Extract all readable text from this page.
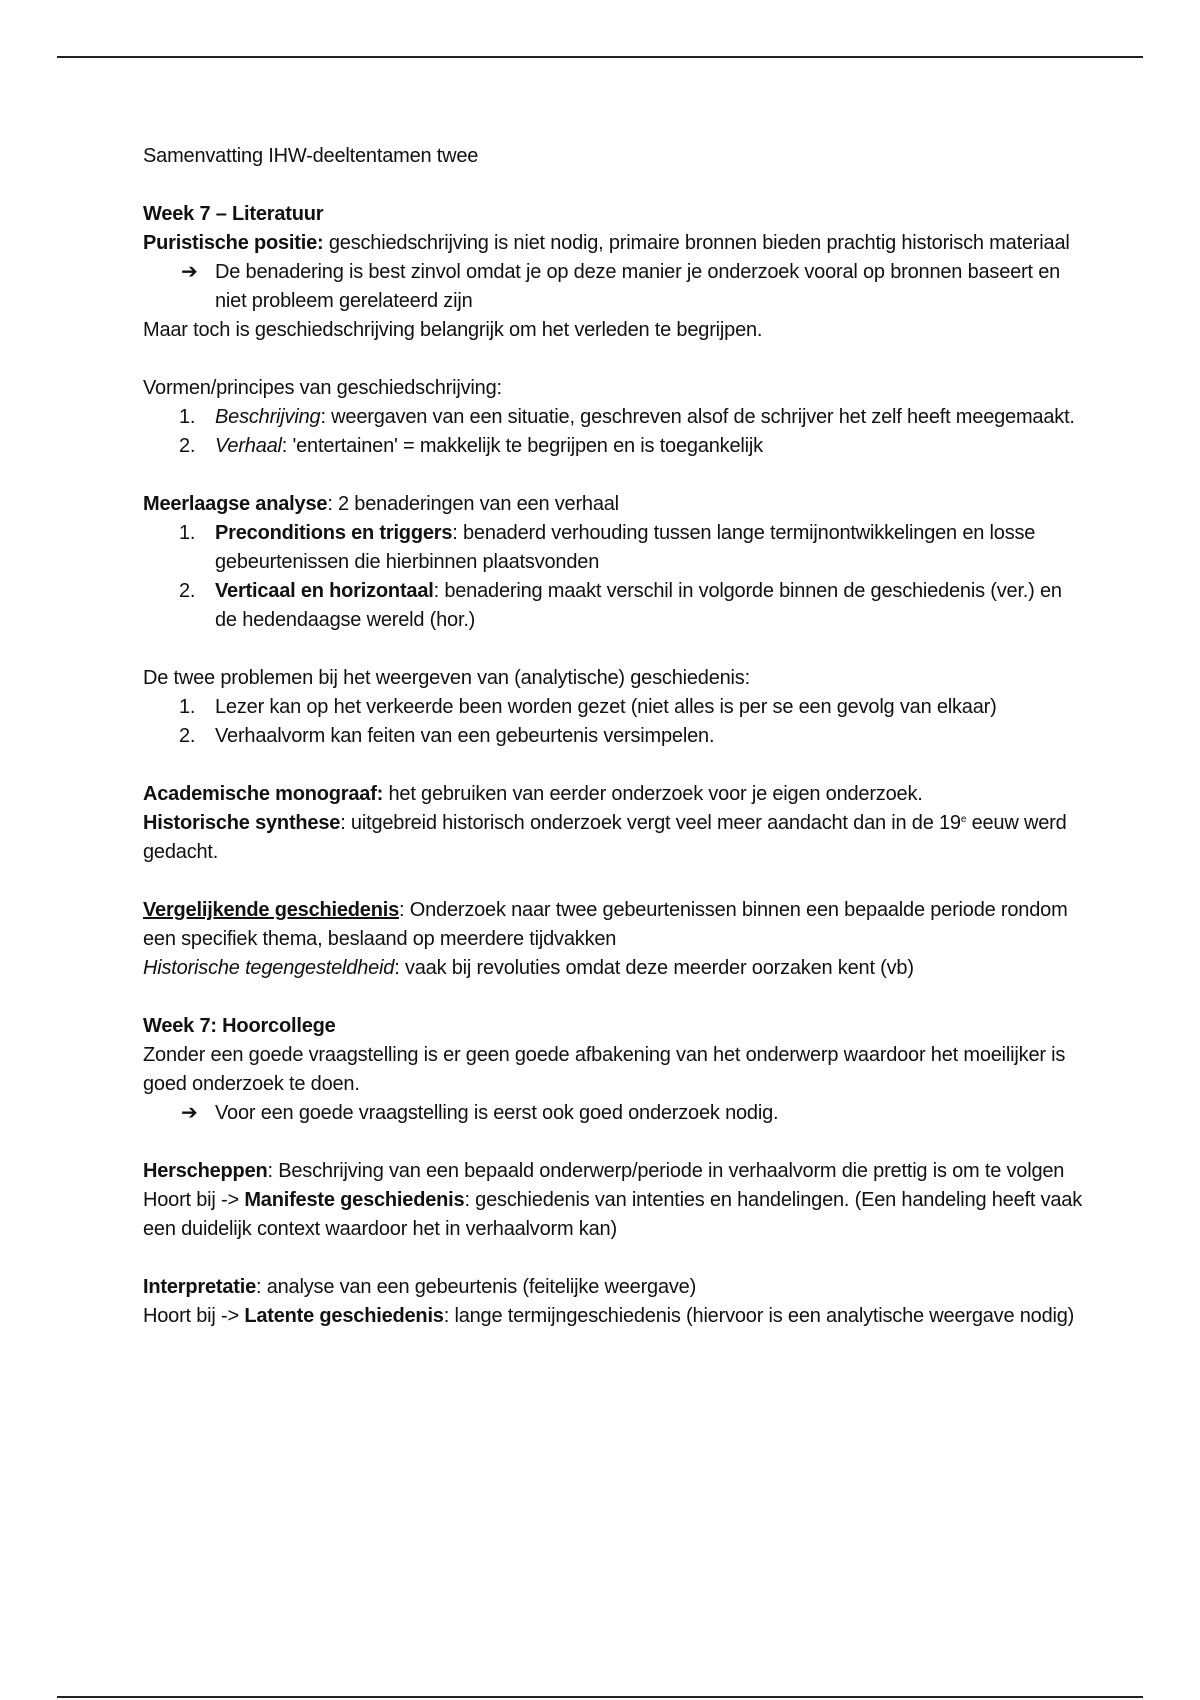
Samenvatting IHW-deeltentamen twee

Week 7 – Literatuur

Puristische positie: geschiedschrijving is niet nodig, primaire bronnen bieden prachtig historisch materiaal

➔ De benadering is best zinvol omdat je op deze manier je onderzoek vooral op bronnen baseert en niet probleem gerelateerd zijn

Maar toch is geschiedschrijving belangrijk om het verleden te begrijpen.

Vormen/principes van geschiedschrijving:

1. Beschrijving: weergaven van een situatie, geschreven alsof de schrijver het zelf heeft meegemaakt.
2. Verhaal: 'entertainen' = makkelijk te begrijpen en is toegankelijk

Meerlaagse analyse: 2 benaderingen van een verhaal

1. Preconditions en triggers: benaderd verhouding tussen lange termijnontwikkelingen en losse gebeurtenissen die hierbinnen plaatsvonden
2. Verticaal en horizontaal: benadering maakt verschil in volgorde binnen de geschiedenis (ver.) en de hedendaagse wereld (hor.)

De twee problemen bij het weergeven van (analytische) geschiedenis:

1. Lezer kan op het verkeerde been worden gezet (niet alles is per se een gevolg van elkaar)
2. Verhaalvorm kan feiten van een gebeurtenis versimpelen.

Academische monograaf: het gebruiken van eerder onderzoek voor je eigen onderzoek.

Historische synthese: uitgebreid historisch onderzoek vergt veel meer aandacht dan in de 19e eeuw werd gedacht.

Vergelijkende geschiedenis: Onderzoek naar twee gebeurtenissen binnen een bepaalde periode rondom een specifiek thema, beslaand op meerdere tijdvakken

Historische tegengesteldheid: vaak bij revoluties omdat deze meerder oorzaken kent (vb)

Week 7: Hoorcollege

Zonder een goede vraagstelling is er geen goede afbakening van het onderwerp waardoor het moeilijker is goed onderzoek te doen.

➔ Voor een goede vraagstelling is eerst ook goed onderzoek nodig.

Herscheppen: Beschrijving van een bepaald onderwerp/periode in verhaalvorm die prettig is om te volgen

Hoort bij -> Manifeste geschiedenis: geschiedenis van intenties en handelingen. (Een handeling heeft vaak een duidelijk context waardoor het in verhaalvorm kan)

Interpretatie: analyse van een gebeurtenis (feitelijke weergave)

Hoort bij -> Latente geschiedenis: lange termijngeschiedenis (hiervoor is een analytische weergave nodig)
